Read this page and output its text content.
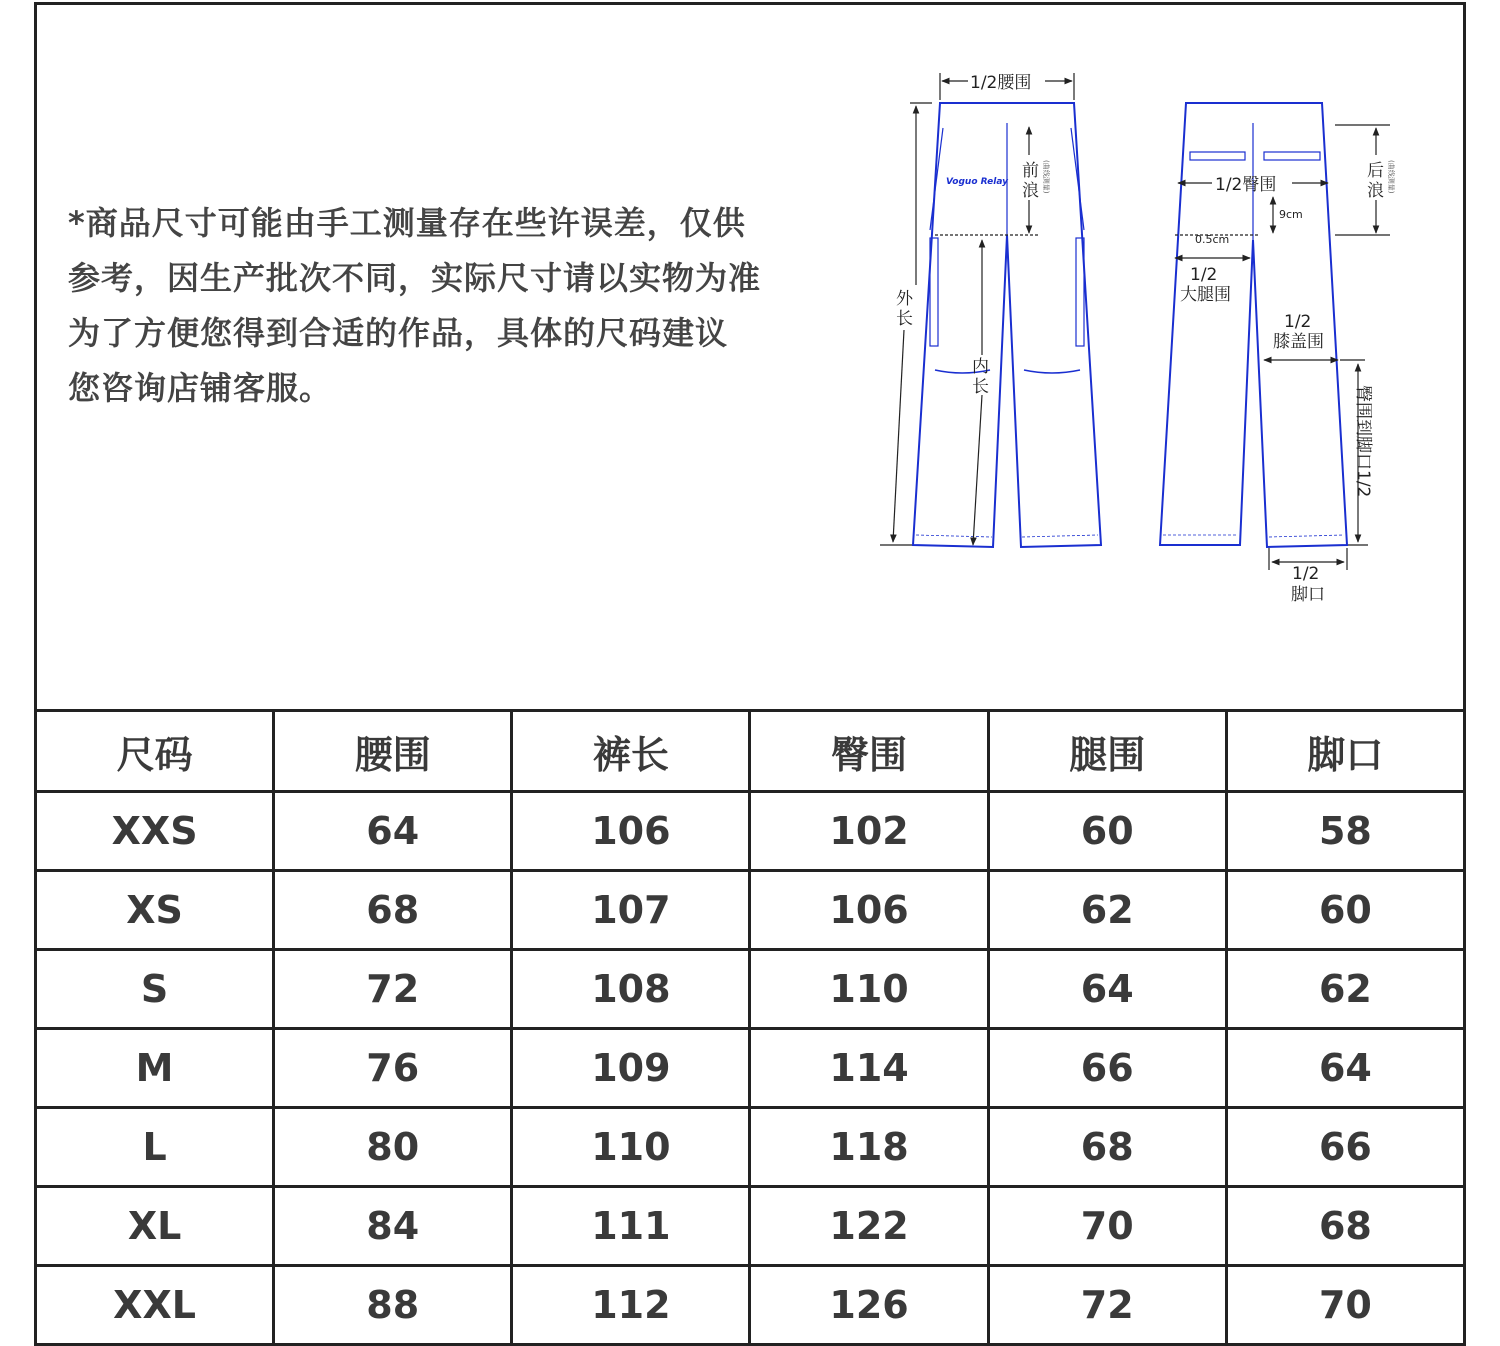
*商品尺寸可能由手工测量存在些许误差，仅供

参考，因生产批次不同，实际尺寸请以实物为准

为了方便您得到合适的作品，具体的尺码建议

您咨询店铺客服。

Voguo Relay
1/2腰围
外
长
前
浪
内
长
后
浪
1/2臀围
1/2
大腿围
1/2
膝盖围
1/2
脚口
臀围到脚口1/2
9cm
0.5cm
(曲线测量)	(曲线测量)
尺码	腰围	裤长	臀围	腿围	脚口
XXS	64	106	102	60	58
XS	68	107	106	62	60
S	72	108	110	64	62
M	76	109	114	66	64
L	80	110	118	68	66
XL	84	111	122	70	68
XXL	88	112	126	72	70
